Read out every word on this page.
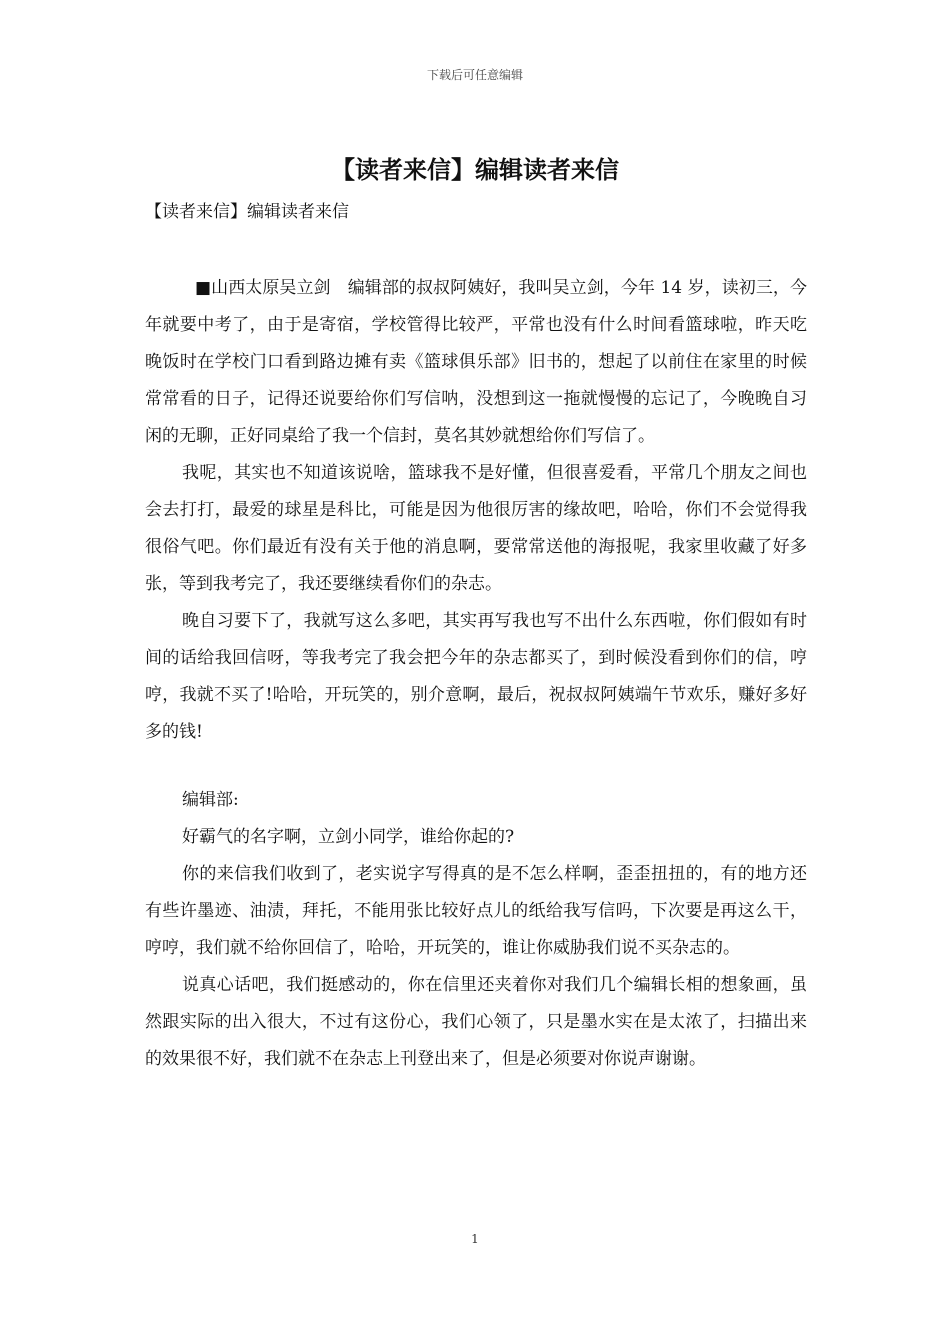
下载后可任意编辑
【读者来信】编辑读者来信
【读者来信】编辑读者来信

■山西太原吴立剑　编辑部的叔叔阿姨好，我叫吴立剑，今年 14 岁，读初三，今年就要中考了，由于是寄宿，学校管得比较严，平常也没有什么时间看篮球啦，昨天吃晚饭时在学校门口看到路边摊有卖《篮球俱乐部》旧书的，想起了以前住在家里的时候常常看的日子，记得还说要给你们写信呐，没想到这一拖就慢慢的忘记了，今晚晚自习闲的无聊，正好同桌给了我一个信封，莫名其妙就想给你们写信了。

我呢，其实也不知道该说啥，篮球我不是好懂，但很喜爱看，平常几个朋友之间也会去打打，最爱的球星是科比，可能是因为他很厉害的缘故吧，哈哈，你们不会觉得我很俗气吧。你们最近有没有关于他的消息啊，要常常送他的海报呢，我家里收藏了好多张，等到我考完了，我还要继续看你们的杂志。

晚自习要下了，我就写这么多吧，其实再写我也写不出什么东西啦，你们假如有时间的话给我回信呀，等我考完了我会把今年的杂志都买了，到时候没看到你们的信，哼哼，我就不买了!哈哈，开玩笑的，别介意啊，最后，祝叔叔阿姨端午节欢乐，赚好多好多的钱!

编辑部:
好霸气的名字啊，立剑小同学，谁给你起的?

你的来信我们收到了，老实说字写得真的是不怎么样啊，歪歪扭扭的，有的地方还有些许墨迹、油渍，拜托，不能用张比较好点儿的纸给我写信吗，下次要是再这么干，哼哼，我们就不给你回信了，哈哈，开玩笑的，谁让你威胁我们说不买杂志的。

说真心话吧，我们挺感动的，你在信里还夹着你对我们几个编辑长相的想象画，虽然跟实际的出入很大，不过有这份心，我们心领了，只是墨水实在是太浓了，扫描出来的效果很不好，我们就不在杂志上刊登出来了，但是必须要对你说声谢谢。

1
